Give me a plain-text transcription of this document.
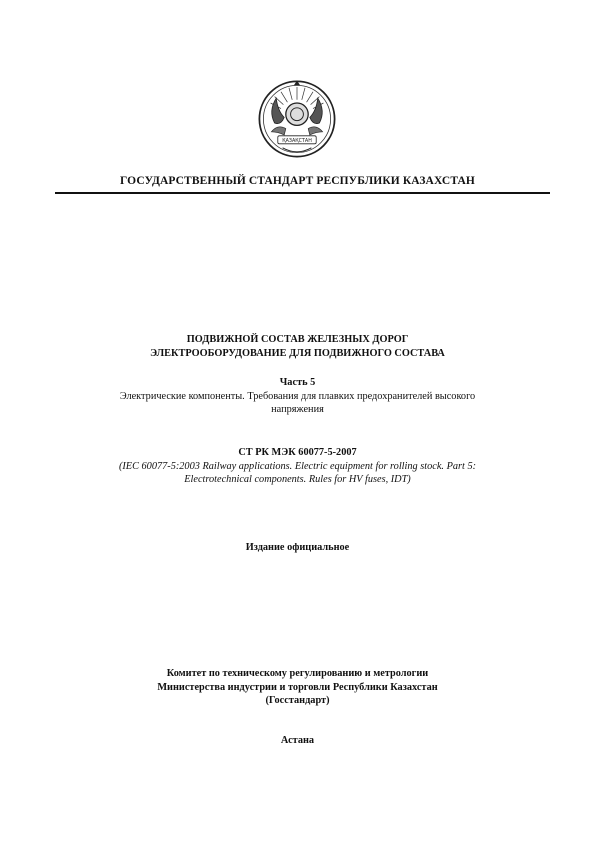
ҚАЗАҚСТАН
ГОСУДАРСТВЕННЫЙ СТАНДАРТ РЕСПУБЛИКИ КАЗАХСТАН
ПОДВИЖНОЙ СОСТАВ ЖЕЛЕЗНЫХ ДОРОГ
ЭЛЕКТРООБОРУДОВАНИЕ ДЛЯ ПОДВИЖНОГО СОСТАВА
Часть 5
Электрические компоненты. Требования для плавких предохранителей высокого
напряжения
СТ РК МЭК 60077-5-2007
(IEC 60077-5:2003 Railway applications. Electric equipment for rolling stock. Part 5:
Electrotechnical components. Rules for HV fuses, IDT)
Издание официальное
Комитет по техническому регулированию и метрологии
Министерства индустрии и торговли Республики Казахстан
(Госстандарт)
Астана
